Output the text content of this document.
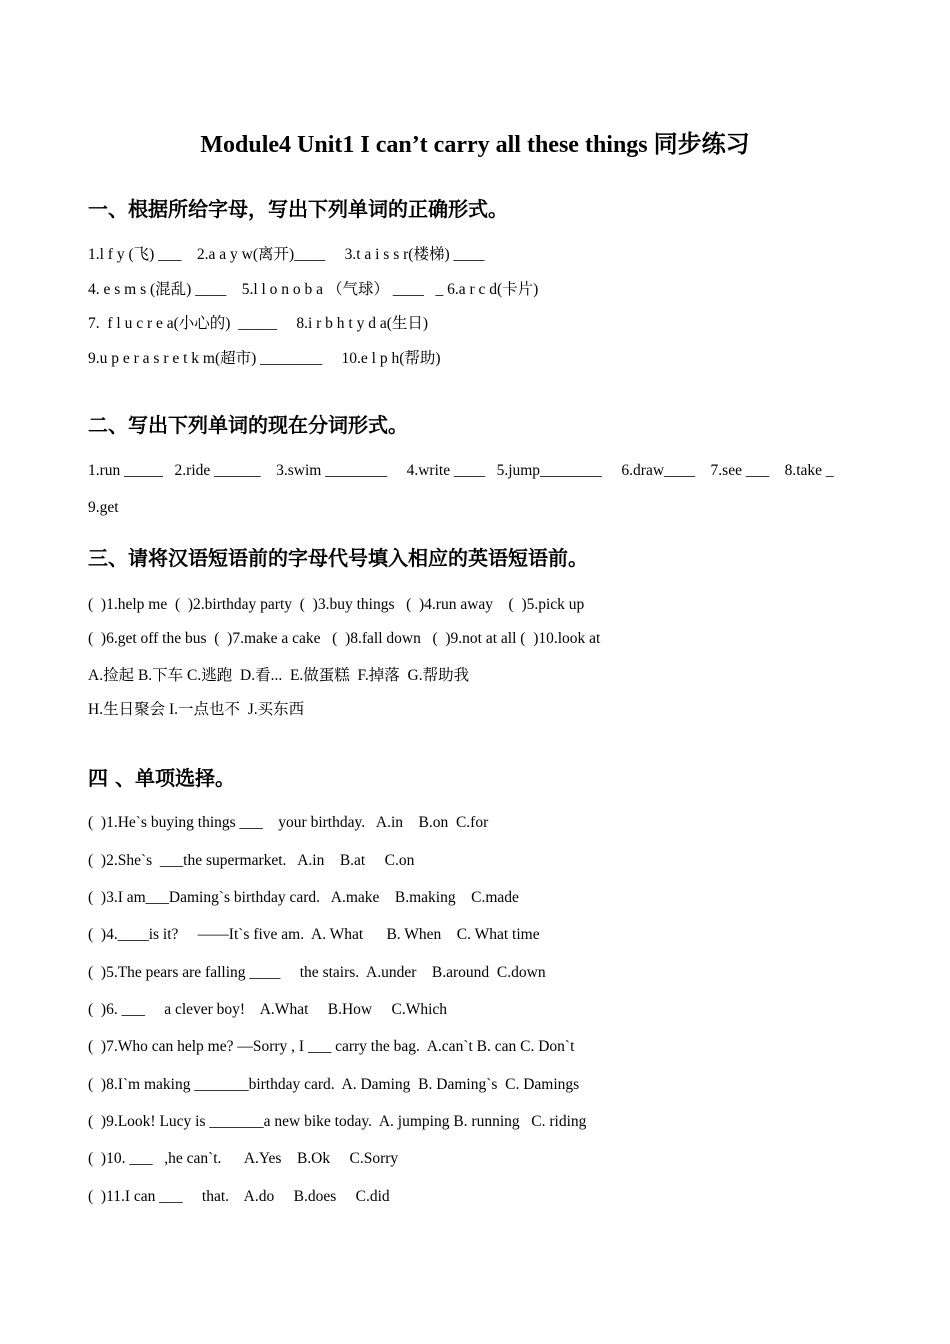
Module4 Unit1 I can’t carry all these things 同步练习
一、根据所给字母，写出下列单词的正确形式。
1.l f y (飞) ___    2.a a y w(离开)____     3.t a i s s r(楼梯) ____
4. e s m s (混乱) ____    5.l l o n o b a （气球） ____   _ 6.a r c d(卡片)
7.  f l u c r e a(小心的)  _____     8.i r b h t y d a(生日)
9.u p e r a s r e t k m(超市) ________     10.e l p h(帮助)
二、写出下列单词的现在分词形式。
1.run _____   2.ride ______    3.swim ________     4.write ____   5.jump________     6.draw____    7.see ___    8.take _
9.get
三、请将汉语短语前的字母代号填入相应的英语短语前。
(  )1.help me  (  )2.birthday party  (  )3.buy things   (  )4.run away    (  )5.pick up
(  )6.get off the bus  (  )7.make a cake   (  )8.fall down   (  )9.not at all (  )10.look at
A.捡起 B.下车 C.逃跑  D.看...  E.做蛋糕  F.掉落  G.帮助我
H.生日聚会 I.一点也不  J.买东西
四 、单项选择。
(  )1.He`s buying things ___    your birthday.   A.in    B.on  C.for
(  )2.She`s  ___the supermarket.   A.in    B.at     C.on
(  )3.I am___Daming`s birthday card.   A.make    B.making    C.made
(  )4.____is it?     ——It`s five am.  A. What      B. When    C. What time
(  )5.The pears are falling ____     the stairs.  A.under    B.around  C.down
(  )6. ___     a clever boy!    A.What     B.How     C.Which
(  )7.Who can help me? —Sorry , I ___ carry the bag.  A.can`t B. can C. Don`t
(  )8.I`m making _______birthday card.  A. Daming  B. Daming`s  C. Damings
(  )9.Look! Lucy is _______a new bike today.  A. jumping B. running   C. riding
(  )10. ___   ,he can`t.      A.Yes    B.Ok     C.Sorry
(  )11.I can ___     that.    A.do     B.does     C.did
